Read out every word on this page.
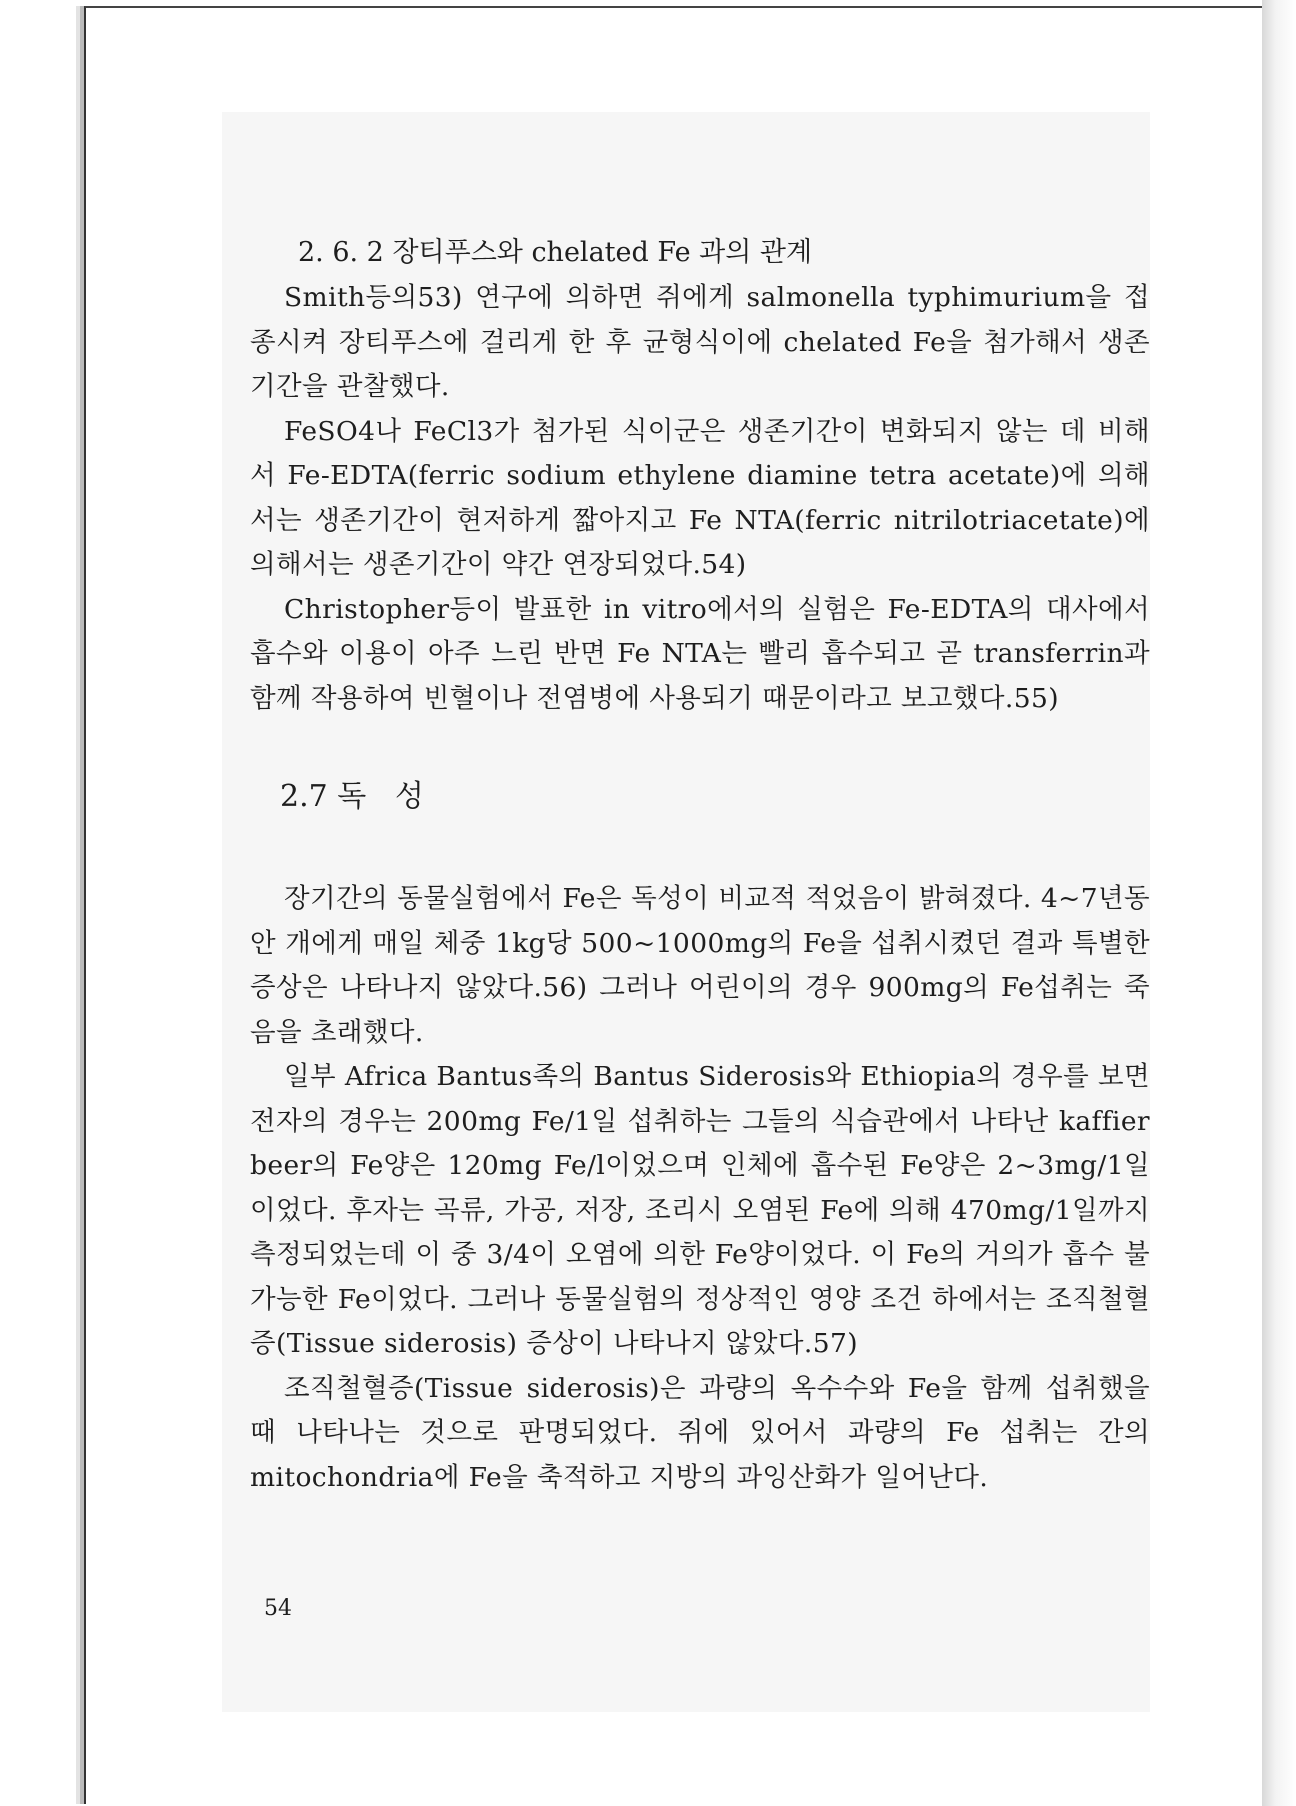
2. 6. 2 장티푸스와 chelated Fe 과의 관계

Smith등의53) 연구에 의하면 쥐에게 salmonella typhimurium을 접종시켜 장티푸스에 걸리게 한 후 균형식이에 chelated Fe을 첨가해서 생존기간을 관찰했다.

FeSO4나 FeCl3가 첨가된 식이군은 생존기간이 변화되지 않는 데 비해서 Fe-EDTA(ferric sodium ethylene diamine tetra acetate)에 의해서는 생존기간이 현저하게 짧아지고 Fe NTA(ferric nitrilotriacetate)에 의해서는 생존기간이 약간 연장되었다.54)

Christopher등이 발표한 in vitro에서의 실험은 Fe-EDTA의 대사에서 흡수와 이용이 아주 느린 반면 Fe NTA는 빨리 흡수되고 곧 transferrin과 함께 작용하여 빈혈이나 전염병에 사용되기 때문이라고 보고했다.55)

2.7 독   성

장기간의 동물실험에서 Fe은 독성이 비교적 적었음이 밝혀졌다. 4~7년동안 개에게 매일 체중 1kg당 500~1000mg의 Fe을 섭취시켰던 결과 특별한 증상은 나타나지 않았다.56) 그러나 어린이의 경우 900mg의 Fe섭취는 죽음을 초래했다.

일부 Africa Bantus족의 Bantus Siderosis와 Ethiopia의 경우를 보면 전자의 경우는 200mg Fe/1일 섭취하는 그들의 식습관에서 나타난 kaffier beer의 Fe양은 120mg Fe/l이었으며 인체에 흡수된 Fe양은 2~3mg/1일이었다. 후자는 곡류, 가공, 저장, 조리시 오염된 Fe에 의해 470mg/1일까지 측정되었는데 이 중 3/4이 오염에 의한 Fe양이었다. 이 Fe의 거의가 흡수 불가능한 Fe이었다. 그러나 동물실험의 정상적인 영양 조건 하에서는 조직철혈증(Tissue siderosis) 증상이 나타나지 않았다.57)

조직철혈증(Tissue siderosis)은 과량의 옥수수와 Fe을 함께 섭취했을 때 나타나는 것으로 판명되었다. 쥐에 있어서 과량의 Fe 섭취는 간의 mitochondria에 Fe을 축적하고 지방의 과잉산화가 일어난다.

54
